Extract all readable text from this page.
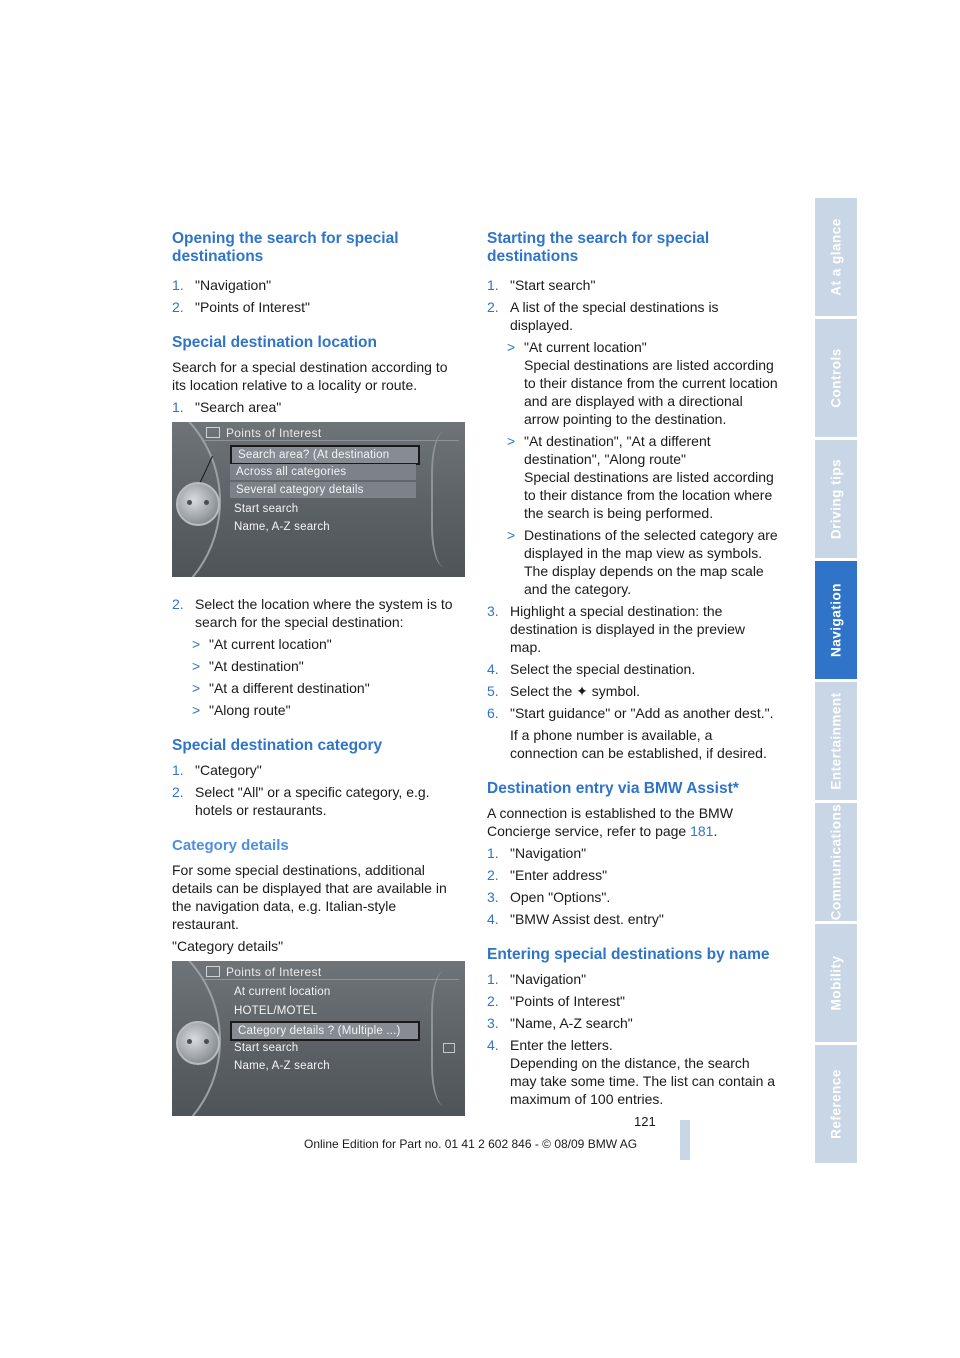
Opening the search for special destinations
1. "Navigation"
2. "Points of Interest"
Special destination location

Search for a special destination according to its location relative to a locality or route.

1. "Search area"
Points of Interest
Search area? (At destination
Across all categories
Several category details
Start search
Name, A-Z search
2. Select the location where the system is to search for the special destination:
> "At current location"
> "At destination"
> "At a different destination"
> "Along route"
Special destination category
1. "Category"
2. Select "All" or a specific category, e.g. hotels or restaurants.
Category details

For some special destinations, additional details can be displayed that are available in the navigation data, e.g. Italian-style restaurant.

"Category details"

Points of Interest
At current location
HOTEL/MOTEL
Category details ? (Multiple ...)
Start search
Name, A-Z search
Starting the search for special destinations
1. "Start search"
2. A list of the special destinations is displayed.
> "At current location"
Special destinations are listed according to their distance from the current location and are displayed with a directional arrow pointing to the destination.
> "At destination", "At a different destination", "Along route"
Special destinations are listed according to their distance from the location where the search is being performed.
> Destinations of the selected category are displayed in the map view as symbols. The display depends on the map scale and the category.
3. Highlight a special destination: the destination is displayed in the preview map.
4. Select the special destination.
5. Select the ✦ symbol.
6. "Start guidance" or "Add as another dest.".

If a phone number is available, a connection can be established, if desired.

Destination entry via BMW Assist*

A connection is established to the BMW Concierge service, refer to page 181.

1. "Navigation"
2. "Enter address"
3. Open "Options".
4. "BMW Assist dest. entry"
Entering special destinations by name
1. "Navigation"
2. "Points of Interest"
3. "Name, A-Z search"
4. Enter the letters.
Depending on the distance, the search may take some time. The list can contain a maximum of 100 entries.
At a glance
Controls
Driving tips
Navigation
Entertainment
Communications
Mobility
Reference
121
Online Edition for Part no. 01 41 2 602 846 - © 08/09 BMW AG
